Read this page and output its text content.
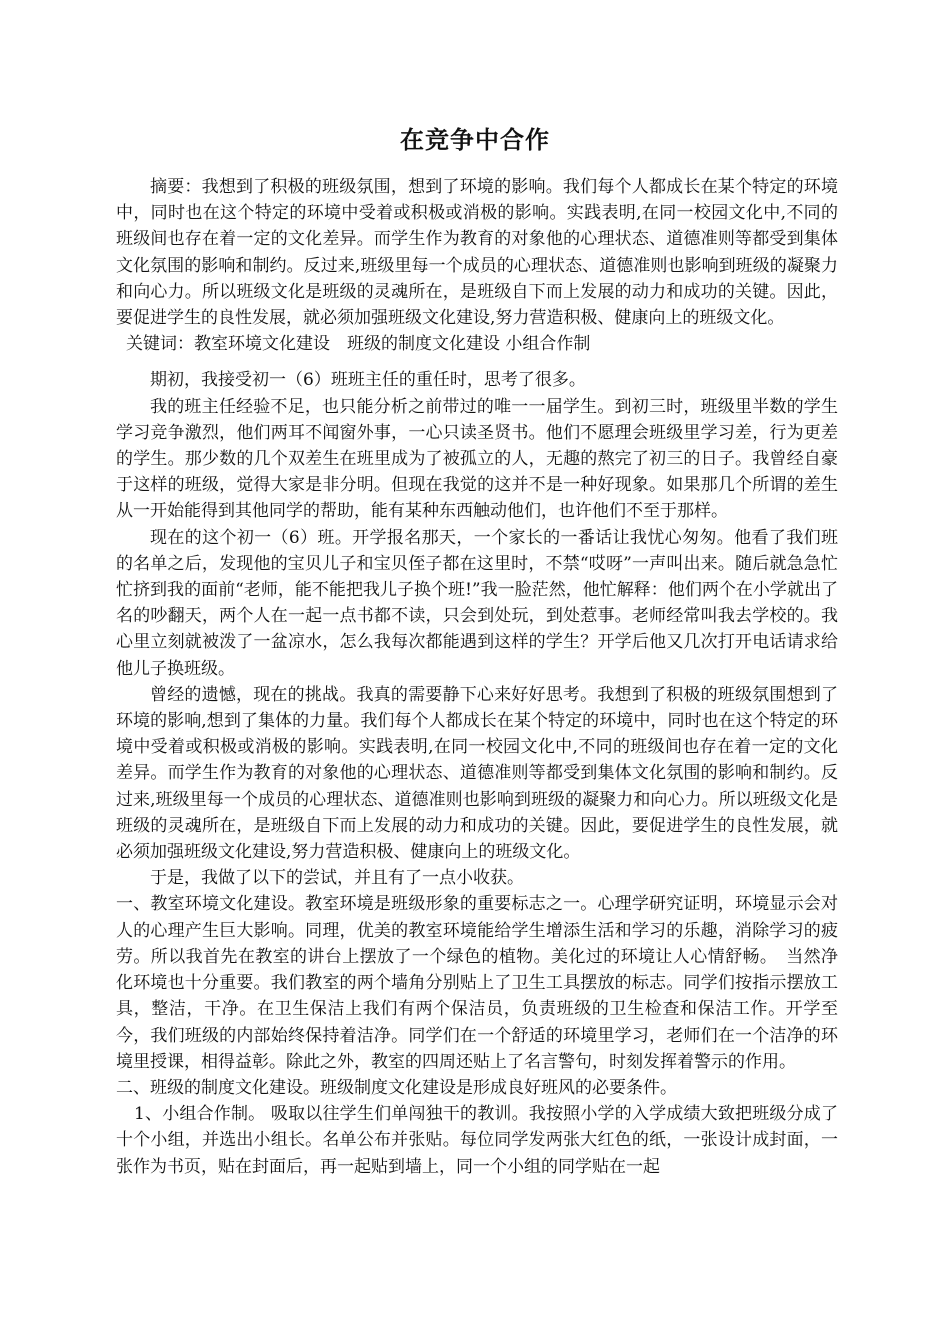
在竞争中合作

摘要：我想到了积极的班级氛围，想到了环境的影响。我们每个人都成长在某个特定的环境中，同时也在这个特定的环境中受着或积极或消极的影响。实践表明,在同一校园文化中,不同的班级间也存在着一定的文化差异。而学生作为教育的对象他的心理状态、道德准则等都受到集体文化氛围的影响和制约。反过来,班级里每一个成员的心理状态、道德准则也影响到班级的凝聚力和向心力。所以班级文化是班级的灵魂所在，是班级自下而上发展的动力和成功的关键。因此，要促进学生的良性发展，就必须加强班级文化建设,努力营造积极、健康向上的班级文化。

关键词：教室环境文化建设　班级的制度文化建设 小组合作制

期初，我接受初一（6）班班主任的重任时，思考了很多。

我的班主任经验不足，也只能分析之前带过的唯一一届学生。到初三时，班级里半数的学生学习竞争激烈，他们两耳不闻窗外事，一心只读圣贤书。他们不愿理会班级里学习差，行为更差的学生。那少数的几个双差生在班里成为了被孤立的人，无趣的熬完了初三的日子。我曾经自豪于这样的班级，觉得大家是非分明。但现在我觉的这并不是一种好现象。如果那几个所谓的差生从一开始能得到其他同学的帮助，能有某种东西触动他们，也许他们不至于那样。

现在的这个初一（6）班。开学报名那天，一个家长的一番话让我忧心匆匆。他看了我们班的名单之后，发现他的宝贝儿子和宝贝侄子都在这里时，不禁“哎呀”一声叫出来。随后就急急忙忙挤到我的面前“老师，能不能把我儿子换个班!”我一脸茫然，他忙解释：他们两个在小学就出了名的吵翻天，两个人在一起一点书都不读，只会到处玩，到处惹事。老师经常叫我去学校的。我心里立刻就被泼了一盆凉水，怎么我每次都能遇到这样的学生？开学后他又几次打开电话请求给他儿子换班级。

曾经的遗憾，现在的挑战。我真的需要静下心来好好思考。我想到了积极的班级氛围想到了环境的影响,想到了集体的力量。我们每个人都成长在某个特定的环境中，同时也在这个特定的环境中受着或积极或消极的影响。实践表明,在同一校园文化中,不同的班级间也存在着一定的文化差异。而学生作为教育的对象他的心理状态、道德准则等都受到集体文化氛围的影响和制约。反过来,班级里每一个成员的心理状态、道德准则也影响到班级的凝聚力和向心力。所以班级文化是班级的灵魂所在，是班级自下而上发展的动力和成功的关键。因此，要促进学生的良性发展，就必须加强班级文化建设,努力营造积极、健康向上的班级文化。

于是，我做了以下的尝试，并且有了一点小收获。

一、教室环境文化建设。教室环境是班级形象的重要标志之一。心理学研究证明，环境显示会对人的心理产生巨大影响。同理，优美的教室环境能给学生增添生活和学习的乐趣，消除学习的疲劳。所以我首先在教室的讲台上摆放了一个绿色的植物。美化过的环境让人心情舒畅。　当然净化环境也十分重要。我们教室的两个墙角分别贴上了卫生工具摆放的标志。同学们按指示摆放工具，整洁，干净。在卫生保洁上我们有两个保洁员，负责班级的卫生检查和保洁工作。开学至今，我们班级的内部始终保持着洁净。同学们在一个舒适的环境里学习，老师们在一个洁净的环境里授课，相得益彰。除此之外，教室的四周还贴上了名言警句，时刻发挥着警示的作用。

二、班级的制度文化建设。班级制度文化建设是形成良好班风的必要条件。

1、小组合作制。 吸取以往学生们单闯独干的教训。我按照小学的入学成绩大致把班级分成了十个小组，并选出小组长。名单公布并张贴。每位同学发两张大红色的纸，一张设计成封面，一张作为书页，贴在封面后，再一起贴到墙上，同一个小组的同学贴在一起
